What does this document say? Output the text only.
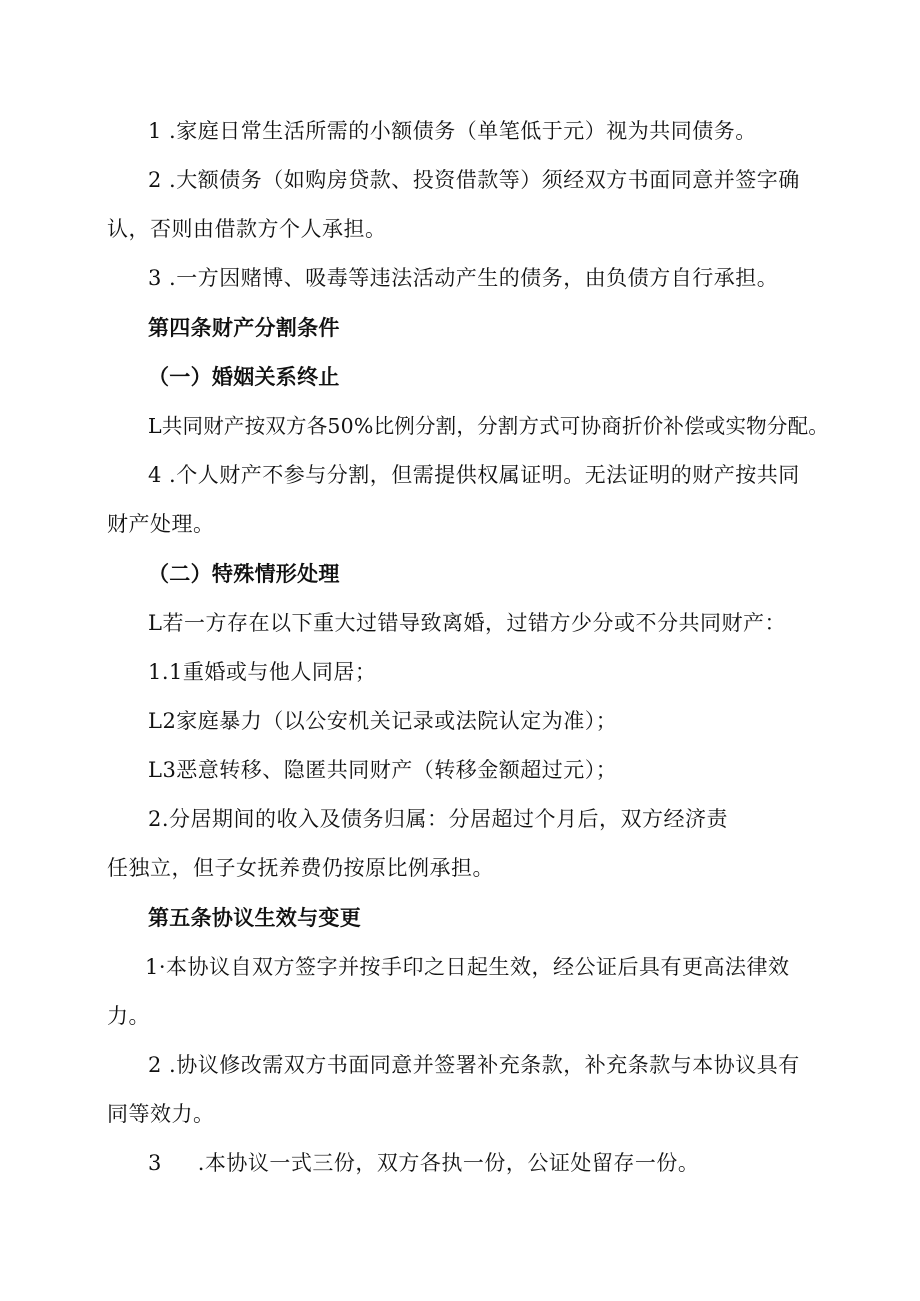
1 .家庭日常生活所需的小额债务（单笔低于元）视为共同债务。
2 .大额债务（如购房贷款、投资借款等）须经双方书面同意并签字确
认，否则由借款方个人承担。
3 .一方因赌博、吸毒等违法活动产生的债务，由负债方自行承担。
第四条财产分割条件
（一）婚姻关系终止
L共同财产按双方各50%比例分割，分割方式可协商折价补偿或实物分配。
4 .个人财产不参与分割，但需提供权属证明。无法证明的财产按共同
财产处理。
（二）特殊情形处理
L若一方存在以下重大过错导致离婚，过错方少分或不分共同财产：
1.1重婚或与他人同居；
L2家庭暴力（以公安机关记录或法院认定为准）；
L3恶意转移、隐匿共同财产（转移金额超过元）；
2.分居期间的收入及债务归属：分居超过个月后，双方经济责
任独立，但子女抚养费仍按原比例承担。
第五条协议生效与变更
1·本协议自双方签字并按手印之日起生效，经公证后具有更高法律效
力。
2 .协议修改需双方书面同意并签署补充条款，补充条款与本协议具有
同等效力。
3     .本协议一式三份，双方各执一份，公证处留存一份。
